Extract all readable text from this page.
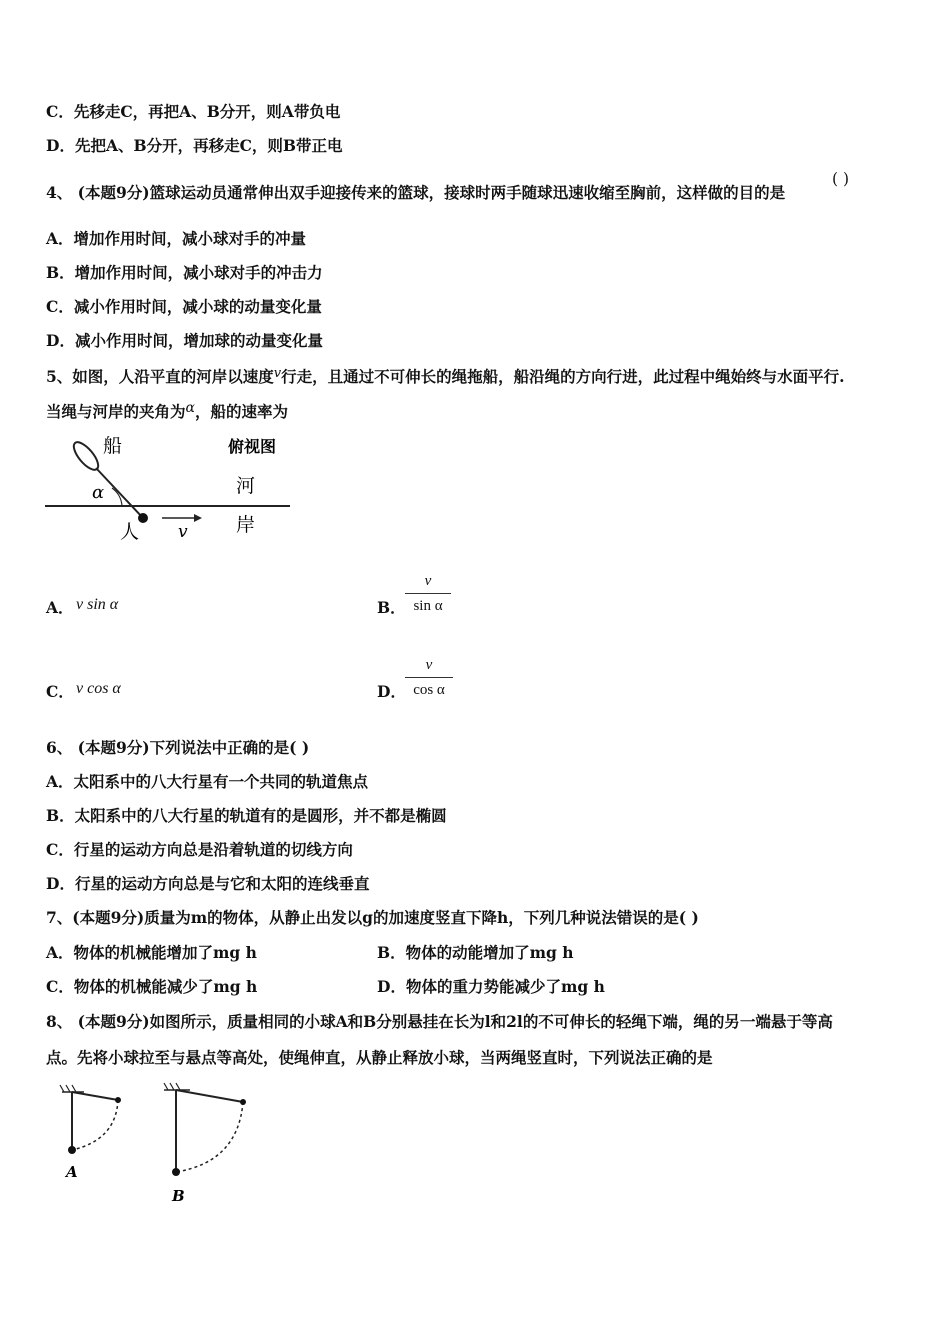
C．先移走C，再把A、B分开，则A带负电
D．先把A、B分开，再移走C，则B带正电
4、 (本题9分)篮球运动员通常伸出双手迎接传来的篮球，接球时两手随球迅速收缩至胸前，这样做的目的是
( )
A．增加作用时间，减小球对手的冲量
B．增加作用时间，减小球对手的冲击力
C．减小作用时间，减小球的动量变化量
D．减小作用时间，增加球的动量变化量
5、如图，人沿平直的河岸以速度$^v$行走，且通过不可伸长的绳拖船，船沿绳的方向行进，此过程中绳始终与水面平行.
当绳与河岸的夹角为α，船的速率为
船	俯视图
河
岸
人
α
v
A． v sin α	B．
v
sin α
C． v cos α	D．
v
cos α
6、 (本题9分)下列说法中正确的是( )
A．太阳系中的八大行星有一个共同的轨道焦点
B．太阳系中的八大行星的轨道有的是圆形，并不都是椭圆
C．行星的运动方向总是沿着轨道的切线方向
D．行星的运动方向总是与它和太阳的连线垂直
7、(本题9分)质量为m的物体，从静止出发以g的加速度竖直下降h，下列几种说法错误的是( )
A．物体的机械能增加了mg h	B．物体的动能增加了mg h
C．物体的机械能减少了mg h	D．物体的重力势能减少了mg h
8、 (本题9分)如图所示，质量相同的小球A和B分别悬挂在长为l和2l的不可伸长的轻绳下端，绳的另一端悬于等高
点。先将小球拉至与悬点等高处，使绳伸直，从静止释放小球，当两绳竖直时，下列说法正确的是
A
B
